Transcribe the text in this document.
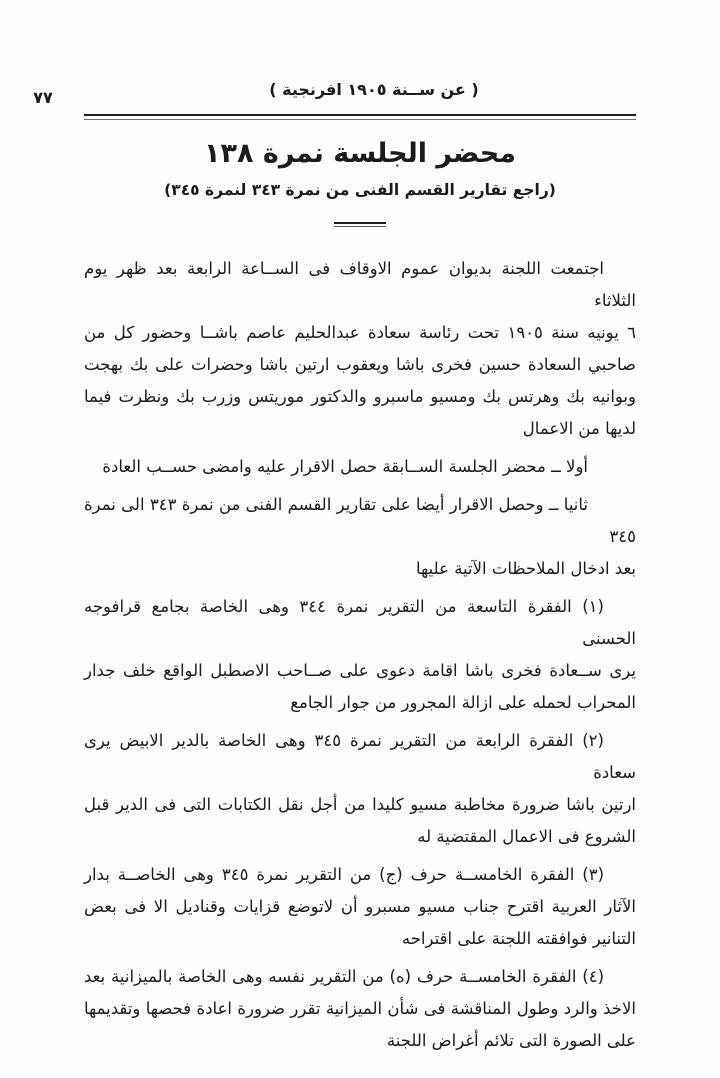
٧٧	( عن ســنة ١٩٠٥ افرنجية )
محضر الجلسة نمرة ١٣٨
(راجع تقارير القسم الفنى من نمرة ٣٤٣ لنمرة ٣٤٥)
اجتمعت اللجنة بديوان عموم الاوقاف فى الســاعة الرابعة بعد ظهر يوم الثلاثاء
٦ يونيه سنة ١٩٠٥ تحت رئاسة سعادة عبدالحليم عاصم باشــا وحضور كل من
صاحبي السعادة حسين فخرى باشا ويعقوب ارتين باشا وحضرات على بك بهجت
وبوانيه بك وهرتس بك ومسيو ماسبرو والدكتور موريتس وزرب بك ونظرت فيما
لديها من الاعمال
أولا ــ محضر الجلسة الســابقة حصل الاقرار عليه وامضى حســب العادة
ثانيا ــ وحصل الاقرار أيضا على تقارير القسم الفنى من نمرة ٣٤٣ الى نمرة ٣٤٥
بعد ادخال الملاحظات الآتية عليها
(١) الفقرة التاسعة من التقرير نمرة ٣٤٤ وهى الخاصة بجامع قرافوجه الحسنى
يرى ســعادة فخرى باشا اقامة دعوى على صــاحب الاصطبل الواقع خلف جدار
المحراب لحمله على ازالة المجرور من جوار الجامع
(٢) الفقرة الرابعة من التقرير نمرة ٣٤٥ وهى الخاصة بالدير الابيض يرى سعادة
ارتين باشا ضرورة مخاطبة مسيو كليدا من أجل نقل الكتابات التى فى الدير قبل
الشروع فى الاعمال المقتضية له
(٣) الفقرة الخامســة حرف (ج) من التقرير نمرة ٣٤٥ وهى الخاصــة بدار
الآثار العربية اقترح جناب مسيو مسبرو أن لاتوضع قزايات وقناديل الا فى بعض
التنانير فوافقته اللجنة على اقتراحه
(٤) الفقرة الخامســة حرف (ه) من التقرير نفسه وهى الخاصة بالميزانية بعد
الاخذ والرد وطول المناقشة فى شأن الميزانية تقرر ضرورة اعادة فحصها وتقديمها
على الصورة التى تلائم أغراض اللجنة
